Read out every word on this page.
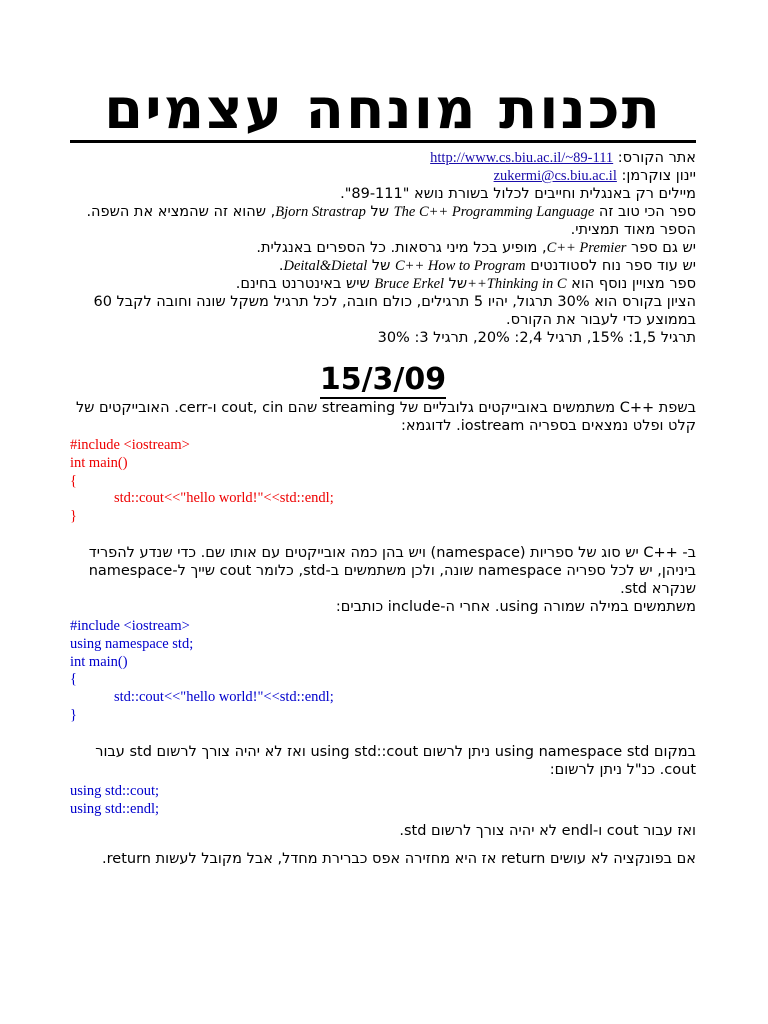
תכנות מונחה עצמים
אתר הקורס: http://www.cs.biu.ac.il/~89-111
יינון צוקרמן: zukermi@cs.biu.ac.il

מיילים רק באנגלית וחייבים לכלול בשורת נושא "89-111".

ספר הכי טוב זה The C++ Programming Language של Bjorn Strastrap, שהוא זה שהמציא את השפה. הספר מאוד תמציתי.

יש גם ספר C++ Premier, מופיע בכל מיני גרסאות. כל הספרים באנגלית.

יש עוד ספר נוח לסטודנטים C++ How to Program של Deital&Dietal.

ספר מצויין נוסף הוא Thinking in C++של Bruce Erkel שיש באינטרנט בחינם.

הציון בקורס הוא 30% תרגול, יהיו 5 תרגילים, כולם חובה, לכל תרגיל משקל שונה וחובה לקבל 60 בממוצע כדי לעבור את הקורס.

תרגיל 1,5: 15%, תרגיל 2,4: 20%, תרגיל 3: 30%

15/3/09

בשפת ++C משתמשים באובייקטים גלובליים של streaming שהם cout, cin ו-cerr. האובייקטים של קלט ופלט נמצאים בספריה iostream. לדוגמא:

#include <iostream>
int main()
{
std::cout<<"hello world!"<<std::endl;
}

ב- ++C יש סוג של ספריות (namespace) ויש בהן כמה אובייקטים עם אותו שם. כדי שנדע להפריד ביניהן, יש לכל ספריה namespace שונה, ולכן משתמשים ב-std, כלומר cout שייך ל-namespace שנקרא std.

משתמשים במילה שמורה using. אחרי ה-include כותבים:

#include <iostream>
using namespace std;
int main()
{
std::cout<<"hello world!"<<std::endl;
}

במקום using namespace std ניתן לרשום using std::cout ואז לא יהיה צורך לרשום std עבור cout. כנ"ל ניתן לרשום:

using std::cout;
using std::endl;

ואז עבור cout ו-endl לא יהיה צורך לרשום std.

אם בפונקציה לא עושים return אז היא מחזירה אפס כברירת מחדל, אבל מקובל לעשות return.
